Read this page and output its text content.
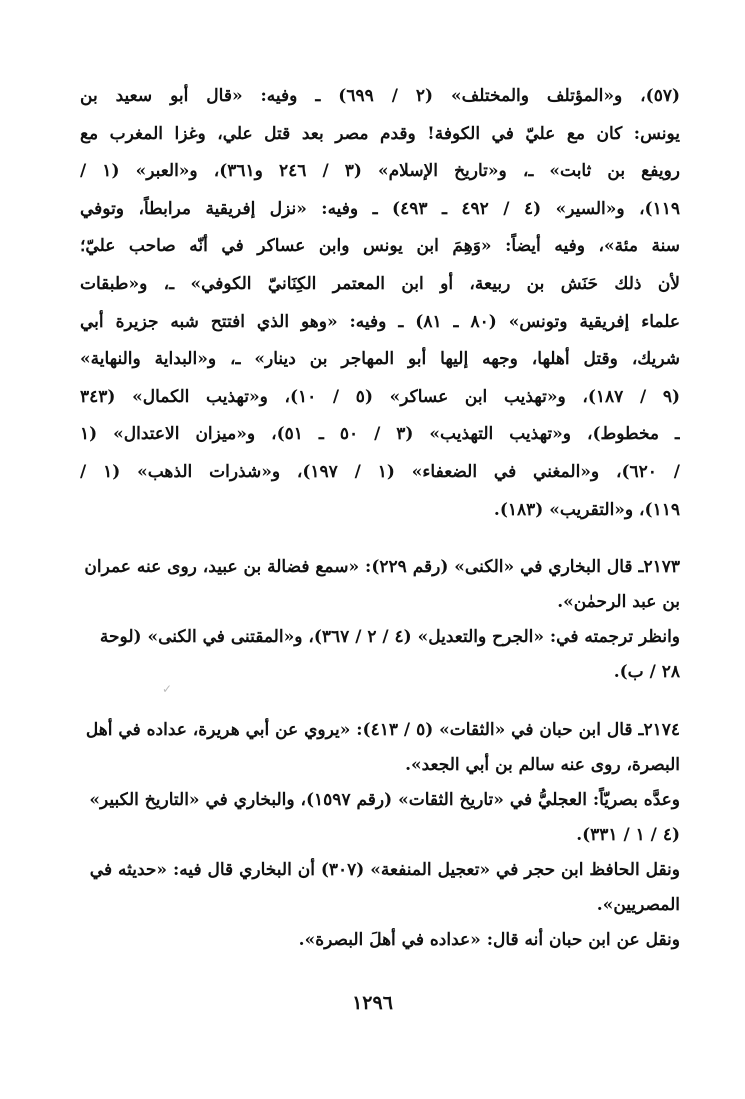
(٥٧)، و«المؤتلف والمختلف» (٢ / ٦٩٩) ـ وفيه: «قال أبو سعيد بن
يونس: كان مع عليّ في الكوفة! وقدم مصر بعد قتل علي، وغزا المغرب مع
رويفع بن ثابت» ـ، و«تاريخ الإسلام» (٣ / ٢٤٦ و٣٦١)، و«العبر» (١ /
١١٩)، و«السير» (٤ / ٤٩٢ ـ ٤٩٣) ـ وفيه: «نزل إفريقية مرابطاً، وتوفي
سنة مئة»، وفيه أيضاً: «وَهِمَ ابن يونس وابن عساكر في أنّه صاحب عليّ؛
لأن ذلك حَنَش بن ربيعة، أو ابن المعتمر الكِنَانيّ الكوفي» ـ، و«طبقات
علماء إفريقية وتونس» (٨٠ ـ ٨١) ـ وفيه: «وهو الذي افتتح شبه جزيرة أبي
شريك، وقتل أهلها، وجهه إليها أبو المهاجر بن دينار» ـ، و«البداية والنهاية»
(٩ / ١٨٧)، و«تهذيب ابن عساكر» (٥ / ١٠)، و«تهذيب الكمال» (٣٤٣
ـ مخطوط)، و«تهذيب التهذيب» (٣ / ٥٠ ـ ٥١)، و«ميزان الاعتدال» (١
/ ٦٢٠)، و«المغني في الضعفاء» (١ / ١٩٧)، و«شذرات الذهب» (١ /
١١٩)، و«التقريب» (١٨٣).
٢١٧٣ـ قال البخاري في «الكنى» (رقم ٢٢٩): «سمع فضالة بن عبيد، روى عنه عمران بن عبد الرحمٰن».
وانظر ترجمته في: «الجرح والتعديل» (٤ / ٢ / ٣٦٧)، و«المقتنى في الكنى» (لوحة ٢٨ / ب).
✓
٢١٧٤ـ قال ابن حبان في «الثقات» (٥ / ٤١٣): «يروي عن أبي هريرة، عداده في أهل البصرة، روى عنه سالم بن أبي الجعد».
وعدَّه بصريّاً: العجليُّ في «تاريخ الثقات» (رقم ١٥٩٧)، والبخاري في «التاريخ الكبير» (٤ / ١ / ٣٣١).
ونقل الحافظ ابن حجر في «تعجيل المنفعة» (٣٠٧) أن البخاري قال فيه: «حديثه في المصريين».
ونقل عن ابن حبان أنه قال: «عداده في أهلَ البصرة».
١٢٩٦
